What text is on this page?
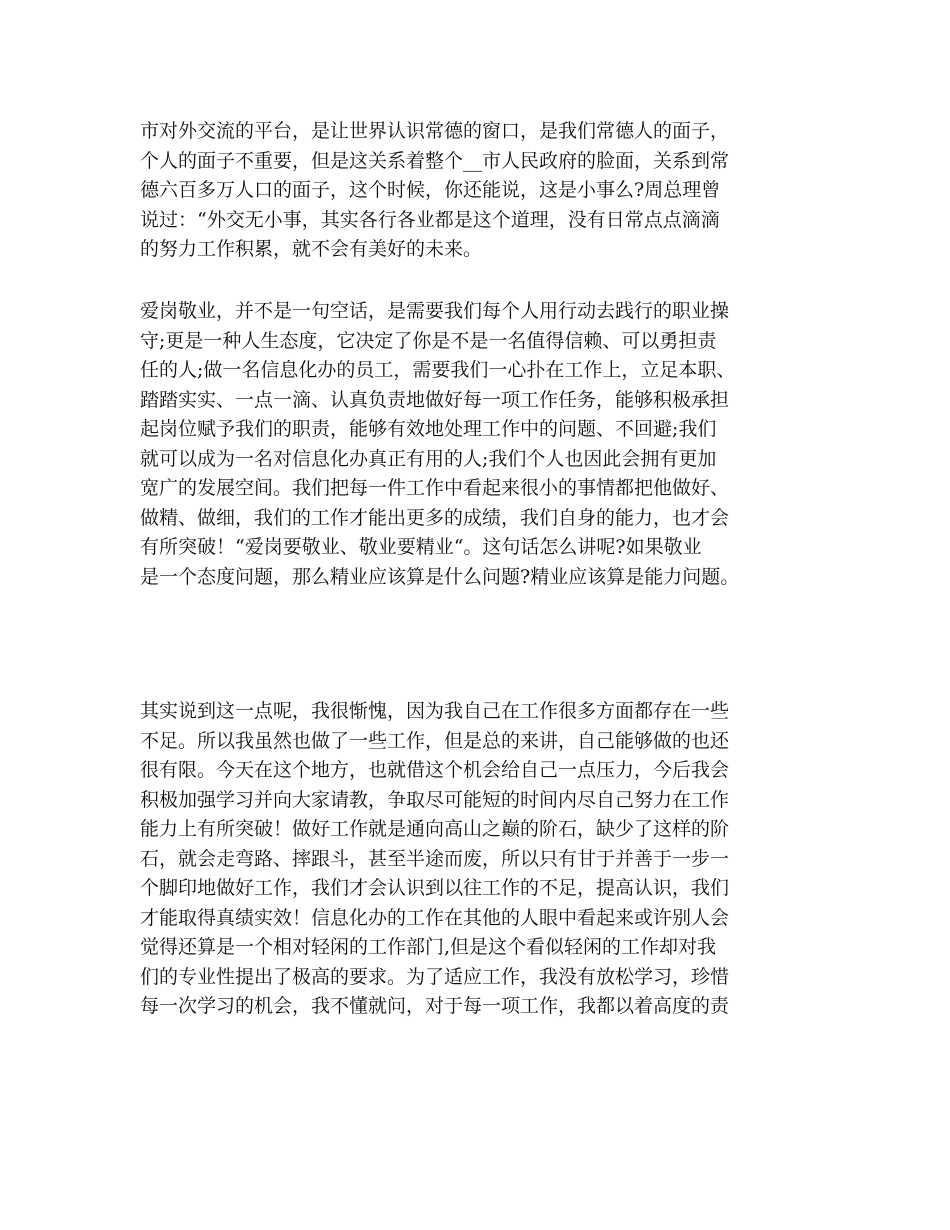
市对外交流的平台，是让世界认识常德的窗口，是我们常德人的面子，
个人的面子不重要，但是这关系着整个__市人民政府的脸面，关系到常
德六百多万人口的面子，这个时候，你还能说，这是小事么?周总理曾
说过：“外交无小事，其实各行各业都是这个道理，没有日常点点滴滴
的努力工作积累，就不会有美好的未来。
爱岗敬业，并不是一句空话，是需要我们每个人用行动去践行的职业操
守;更是一种人生态度，它决定了你是不是一名值得信赖、可以勇担责
任的人;做一名信息化办的员工，需要我们一心扑在工作上，立足本职、
踏踏实实、一点一滴、认真负责地做好每一项工作任务，能够积极承担
起岗位赋予我们的职责，能够有效地处理工作中的问题、不回避;我们
就可以成为一名对信息化办真正有用的人;我们个人也因此会拥有更加
宽广的发展空间。我们把每一件工作中看起来很小的事情都把他做好、
做精、做细，我们的工作才能出更多的成绩，我们自身的能力，也才会
有所突破！“爱岗要敬业、敬业要精业“。这句话怎么讲呢?如果敬业
是一个态度问题，那么精业应该算是什么问题?精业应该算是能力问题。
其实说到这一点呢，我很惭愧，因为我自己在工作很多方面都存在一些
不足。所以我虽然也做了一些工作，但是总的来讲，自己能够做的也还
很有限。今天在这个地方，也就借这个机会给自己一点压力，今后我会
积极加强学习并向大家请教，争取尽可能短的时间内尽自己努力在工作
能力上有所突破！做好工作就是通向高山之巅的阶石，缺少了这样的阶
石，就会走弯路、摔跟斗，甚至半途而废，所以只有甘于并善于一步一
个脚印地做好工作，我们才会认识到以往工作的不足，提高认识，我们
才能取得真绩实效！信息化办的工作在其他的人眼中看起来或许别人会
觉得还算是一个相对轻闲的工作部门,但是这个看似轻闲的工作却对我
们的专业性提出了极高的要求。为了适应工作，我没有放松学习，珍惜
每一次学习的机会，我不懂就问，对于每一项工作，我都以着高度的责
